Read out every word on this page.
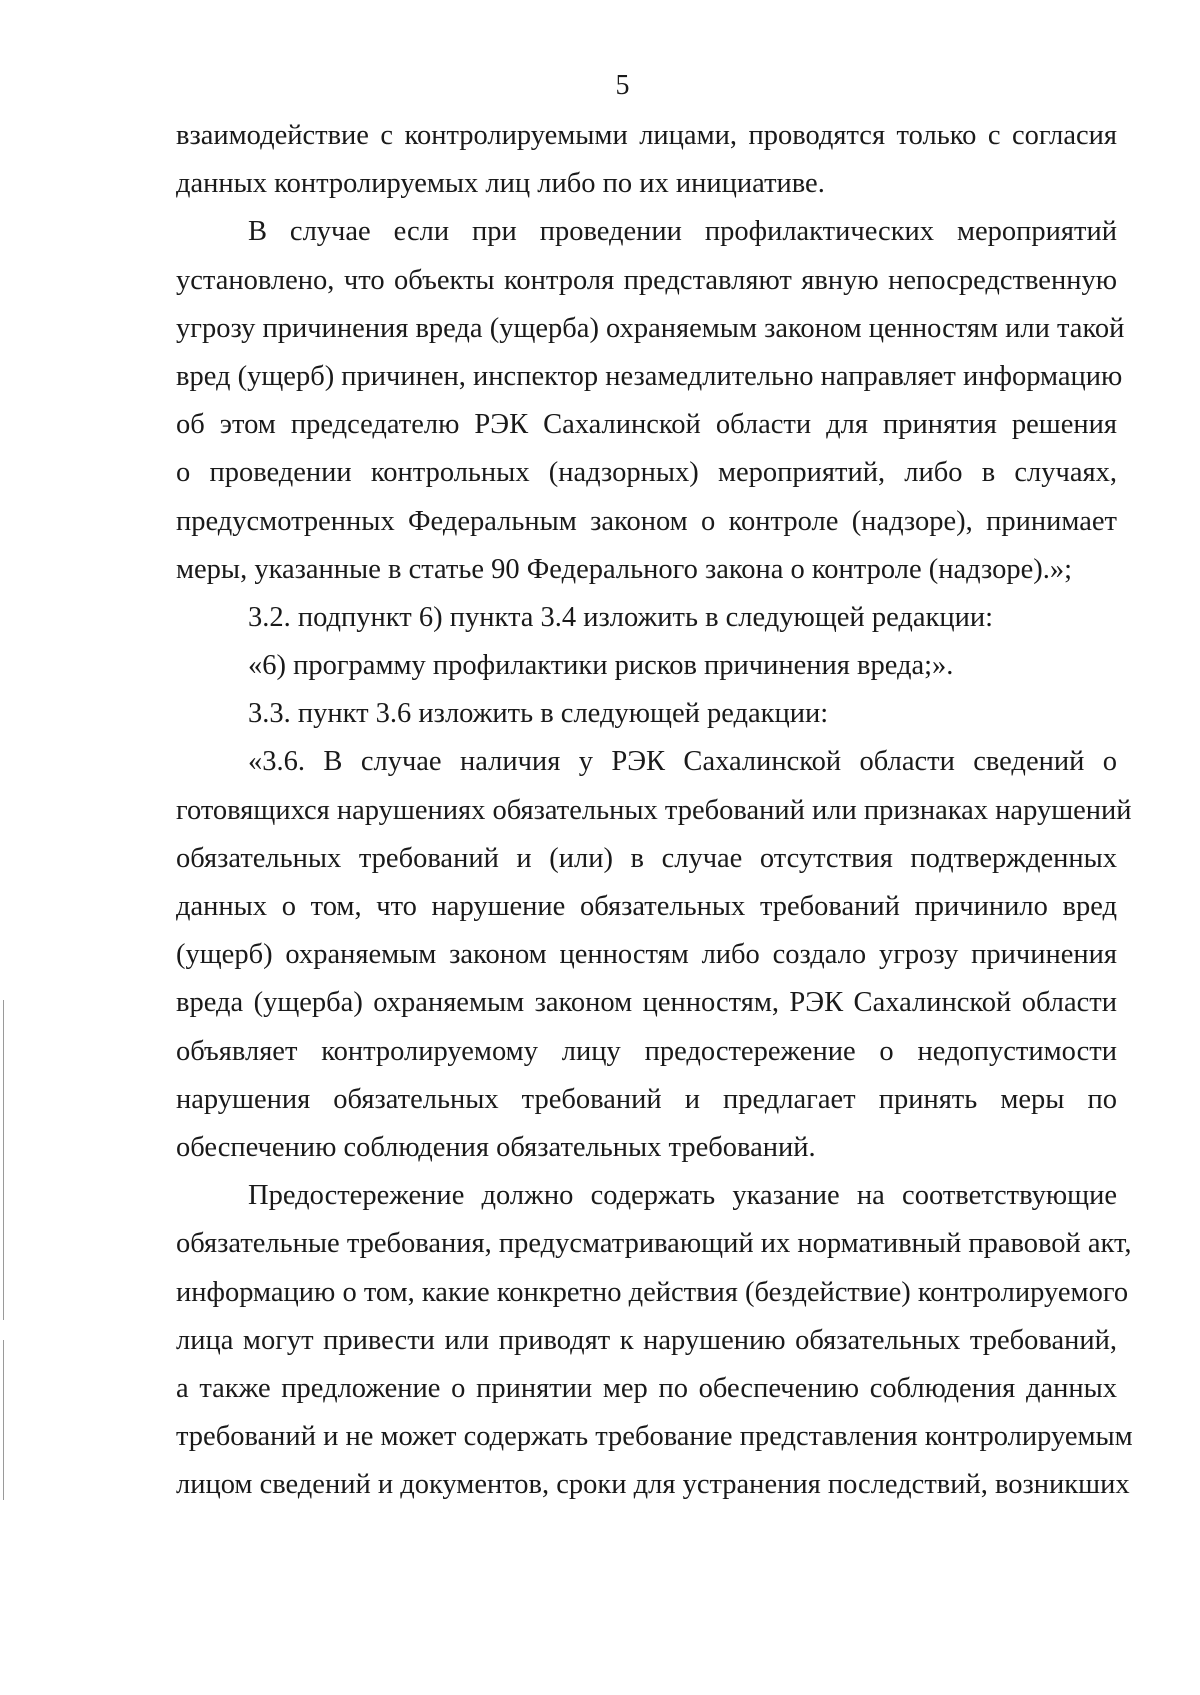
5
взаимодействие с контролируемыми лицами, проводятся только с согласия
данных контролируемых лиц либо по их инициативе.
В случае если при проведении профилактических мероприятий
установлено, что объекты контроля представляют явную непосредственную
угрозу причинения вреда (ущерба) охраняемым законом ценностям или такой
вред (ущерб) причинен, инспектор незамедлительно направляет информацию
об этом председателю РЭК Сахалинской области для принятия решения
о проведении контрольных (надзорных) мероприятий, либо в случаях,
предусмотренных Федеральным законом о контроле (надзоре), принимает
меры, указанные в статье 90 Федерального закона о контроле (надзоре).»;
3.2. подпункт 6) пункта 3.4 изложить в следующей редакции:
«6) программу профилактики рисков причинения вреда;».
3.3. пункт 3.6 изложить в следующей редакции:
«3.6. В случае наличия у РЭК Сахалинской области сведений о
готовящихся нарушениях обязательных требований или признаках нарушений
обязательных требований и (или) в случае отсутствия подтвержденных
данных о том, что нарушение обязательных требований причинило вред
(ущерб) охраняемым законом ценностям либо создало угрозу причинения
вреда (ущерба) охраняемым законом ценностям, РЭК Сахалинской области
объявляет контролируемому лицу предостережение о недопустимости
нарушения обязательных требований и предлагает принять меры по
обеспечению соблюдения обязательных требований.
Предостережение должно содержать указание на соответствующие
обязательные требования, предусматривающий их нормативный правовой акт,
информацию о том, какие конкретно действия (бездействие) контролируемого
лица могут привести или приводят к нарушению обязательных требований,
а также предложение о принятии мер по обеспечению соблюдения данных
требований и не может содержать требование представления контролируемым
лицом сведений и документов, сроки для устранения последствий, возникших
